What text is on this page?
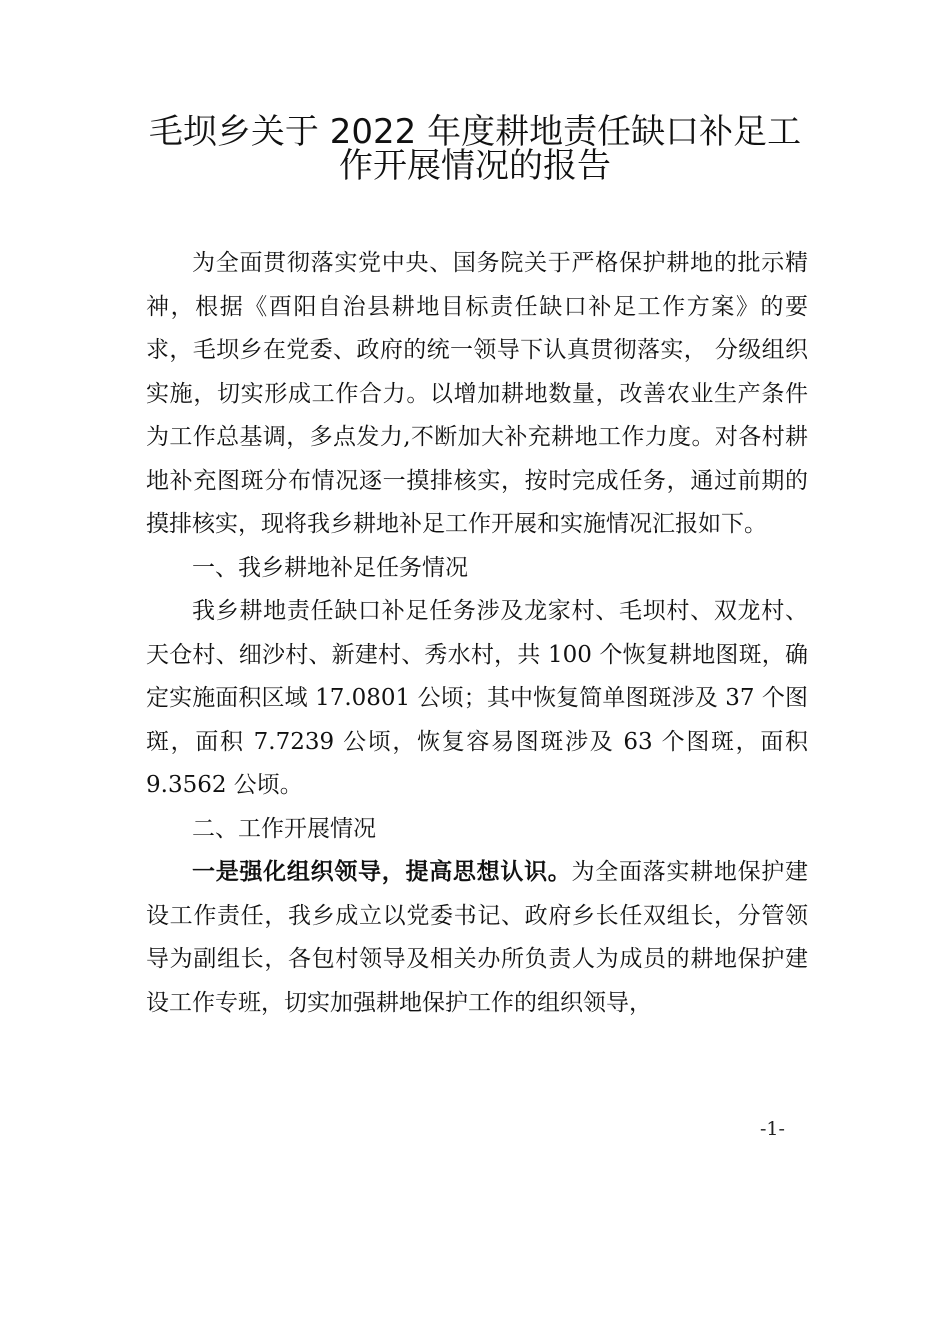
毛坝乡关于 2022 年度耕地责任缺口补足工
作开展情况的报告

为全面贯彻落实党中央、国务院关于严格保护耕地的批示精神，根据《酉阳自治县耕地目标责任缺口补足工作方案》的要求，毛坝乡在党委、政府的统一领导下认真贯彻落实， 分级组织实施，切实形成工作合力。以增加耕地数量，改善农业生产条件为工作总基调，多点发力,不断加大补充耕地工作力度。对各村耕地补充图斑分布情况逐一摸排核实，按时完成任务，通过前期的摸排核实，现将我乡耕地补足工作开展和实施情况汇报如下。

一、我乡耕地补足任务情况

我乡耕地责任缺口补足任务涉及龙家村、毛坝村、双龙村、天仓村、细沙村、新建村、秀水村，共 100 个恢复耕地图斑，确定实施面积区域 17.0801 公顷；其中恢复简单图斑涉及 37 个图斑，面积 7.7239 公顷，恢复容易图斑涉及 63 个图斑，面积 9.3562 公顷。

二、工作开展情况

一是强化组织领导，提高思想认识。为全面落实耕地保护建设工作责任，我乡成立以党委书记、政府乡长任双组长，分管领导为副组长，各包村领导及相关办所负责人为成员的耕地保护建设工作专班，切实加强耕地保护工作的组织领导，

-1-
